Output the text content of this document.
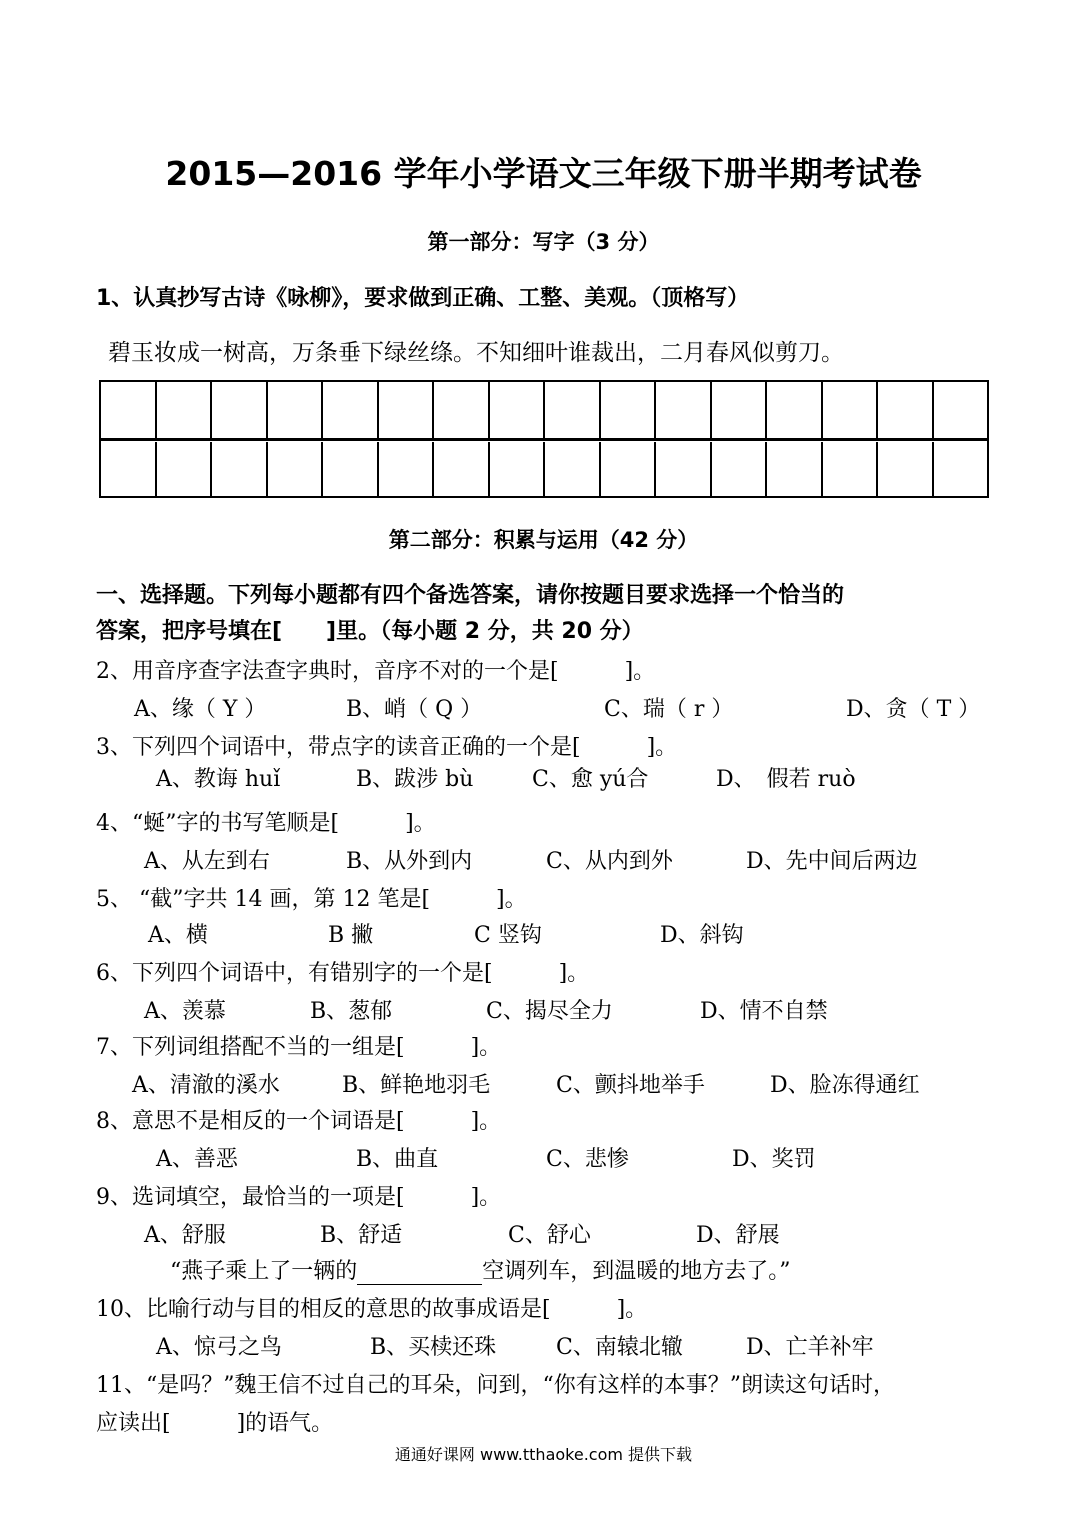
2015—2016 学年小学语文三年级下册半期考试卷
第一部分：写字（3 分）
1、认真抄写古诗《咏柳》，要求做到正确、工整、美观。（顶格写）
碧玉妆成一树高，万条垂下绿丝绦。不知细叶谁裁出，二月春风似剪刀。
第二部分：积累与运用（42 分）
一、选择题。下列每小题都有四个备选答案，请你按题目要求选择一个恰当的
答案，把序号填在[　　]里。（每小题 2 分，共 20 分）
2、用音序查字法查字典时，音序不对的一个是[　　　]。
A、缘（ Y ）	B、峭（ Q ）	C、瑞（ r ）	D、贪（ T ）
3、下列四个词语中，带点字的读音正确的一个是[　　　]。
A、教诲 huǐ	B、跋涉 bù	C、愈 yú合	D、　假若 ruò
4、“蜒”字的书写笔顺是[　　　]。
A、从左到右	B、从外到内	C、从内到外	D、先中间后两边
5、 “截”字共 14 画，第 12 笔是[　　　]。
A、横	B 撇	C 竖钩	D、斜钩
6、下列四个词语中，有错别字的一个是[　　　]。
A、羡慕	B、葱郁	C、揭尽全力	D、情不自禁
7、下列词组搭配不当的一组是[　　　]。
A、清澈的溪水	B、鲜艳地羽毛	C、颤抖地举手	D、脸冻得通红
8、意思不是相反的一个词语是[　　　]。
A、善恶	B、曲直	C、悲惨	D、奖罚
9、选词填空，最恰当的一项是[　　　]。
A、舒服	B、舒适	C、舒心	D、舒展
“燕子乘上了一辆的	空调列车，到温暖的地方去了。”
10、比喻行动与目的相反的意思的故事成语是[　　　]。
A、惊弓之鸟	B、买椟还珠	C、南辕北辙	D、亡羊补牢
11、“是吗？”魏王信不过自己的耳朵，问到，“你有这样的本事？”朗读这句话时，
应读出[　　　]的语气。
通通好课网 www.tthaoke.com 提供下载
